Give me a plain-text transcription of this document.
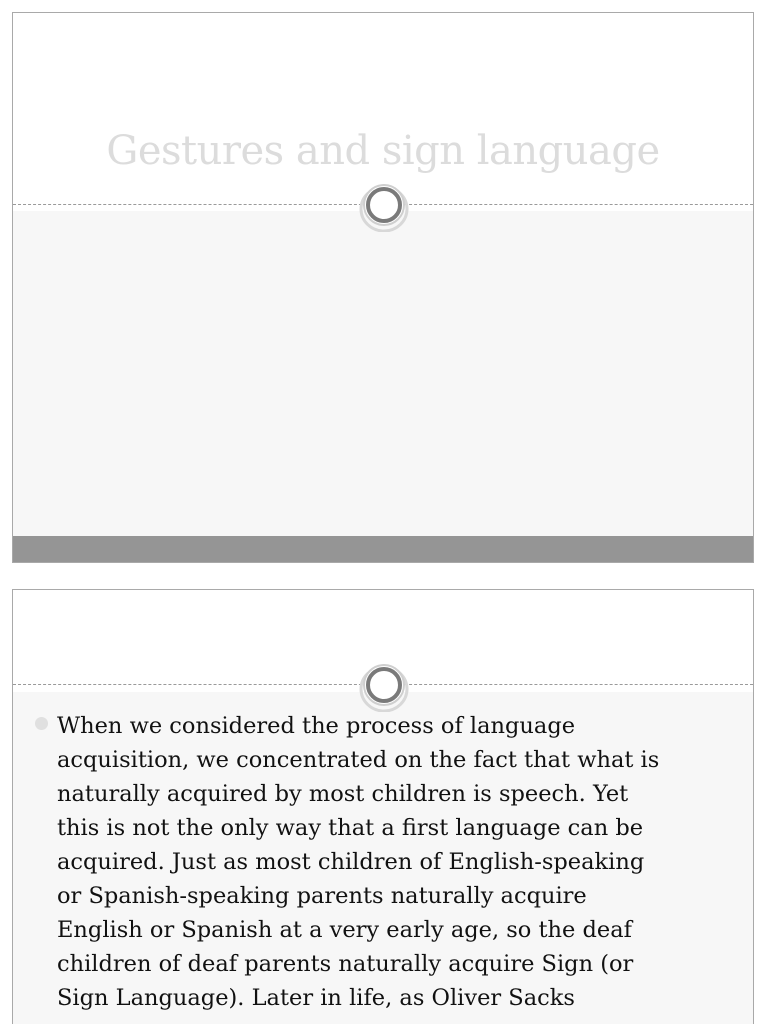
Gestures and sign language

When we considered the process of language
acquisition, we concentrated on the fact that what is
naturally acquired by most children is speech. Yet
this is not the only way that a first language can be
acquired. Just as most children of English-speaking
or Spanish-speaking parents naturally acquire
English or Spanish at a very early age, so the deaf
children of deaf parents naturally acquire Sign (or
Sign Language). Later in life, as Oliver Sacks
